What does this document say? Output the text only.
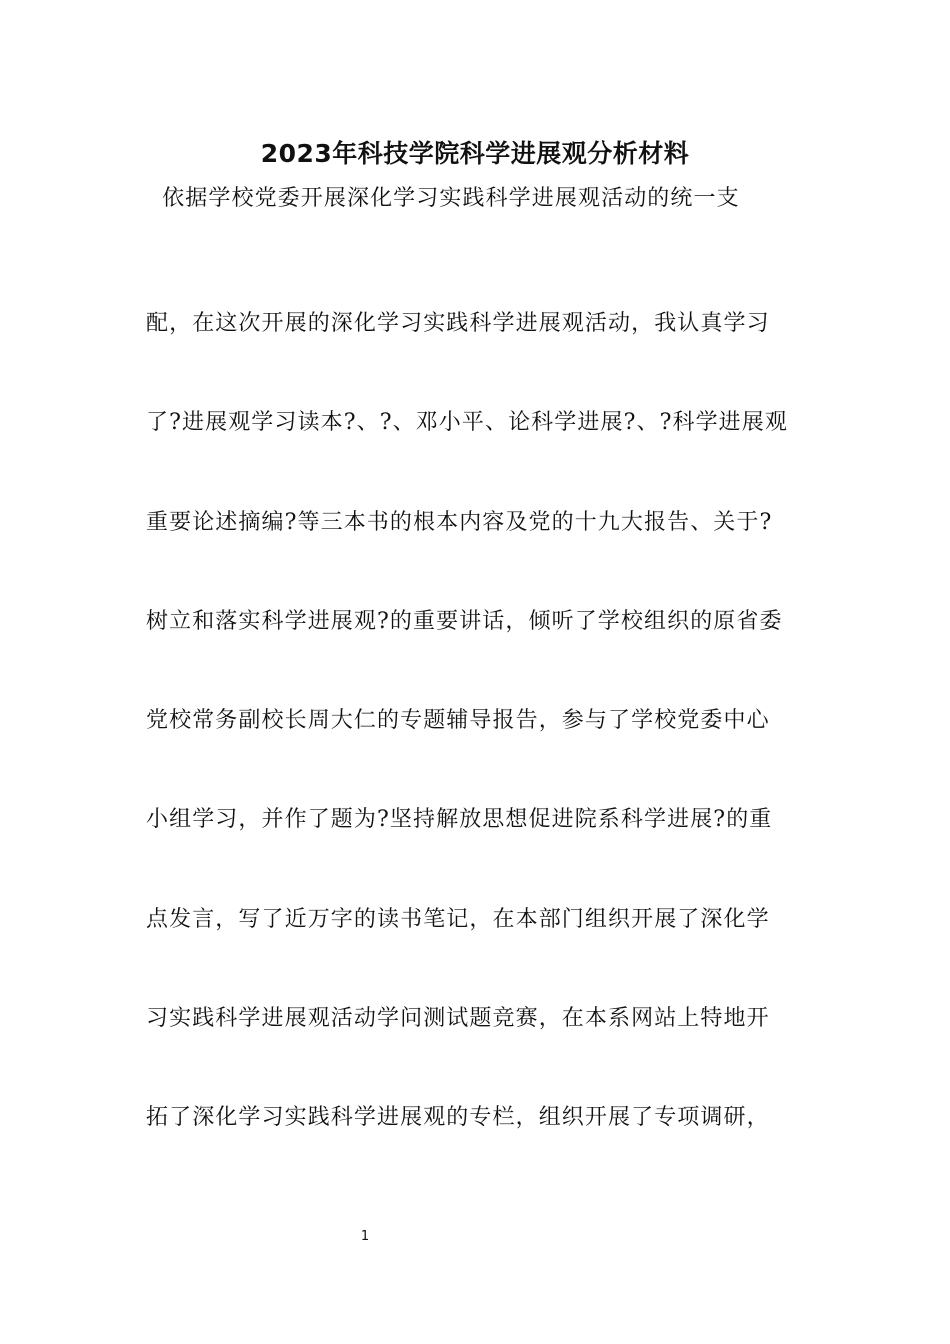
2023年科技学院科学进展观分析材料
依据学校党委开展深化学习实践科学进展观活动的统一支
配，在这次开展的深化学习实践科学进展观活动，我认真学习
了?进展观学习读本?、?、邓小平、论科学进展?、?科学进展观
重要论述摘编?等三本书的根本内容及党的十九大报告、关于?
树立和落实科学进展观?的重要讲话，倾听了学校组织的原省委
党校常务副校长周大仁的专题辅导报告，参与了学校党委中心
小组学习，并作了题为?坚持解放思想促进院系科学进展?的重
点发言，写了近万字的读书笔记，在本部门组织开展了深化学
习实践科学进展观活动学问测试题竞赛，在本系网站上特地开
拓了深化学习实践科学进展观的专栏，组织开展了专项调研，
1
